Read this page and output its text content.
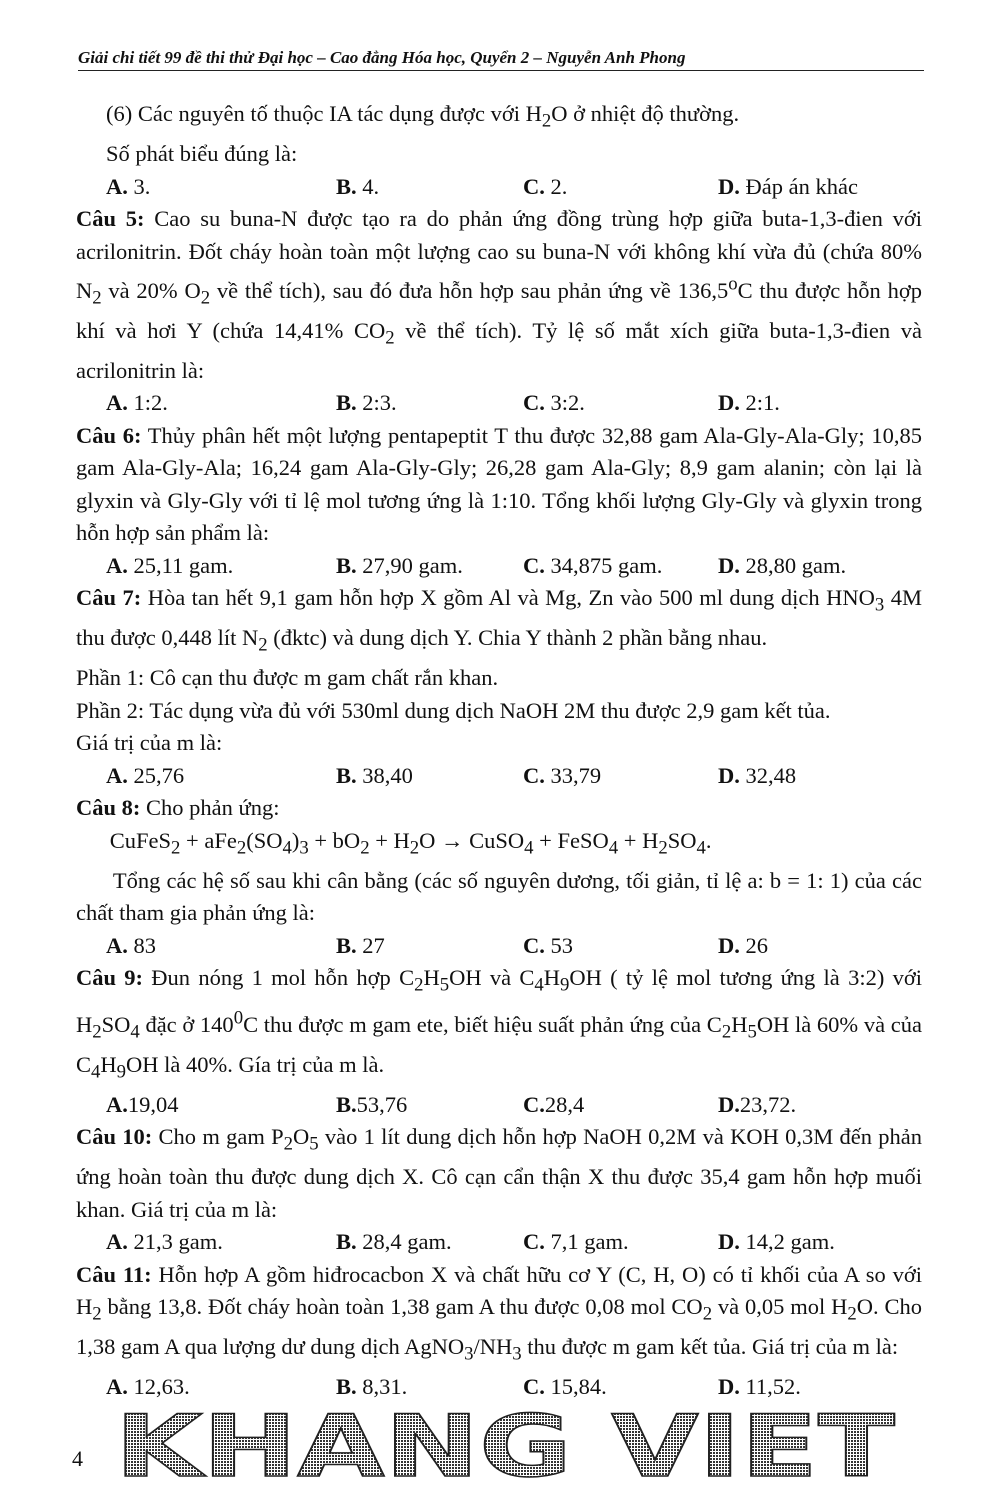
Giải chi tiết 99 đề thi thử Đại học – Cao đẳng Hóa học, Quyển 2 – Nguyễn Anh Phong
(6) Các nguyên tố thuộc IA tác dụng được với $H_2O$ ở nhiệt độ thường.
Số phát biểu đúng là:
A. 3.	B. 4.	C. 2.	D. Đáp án khác
Câu 5: Cao su buna-N được tạo ra do phản ứng đồng trùng hợp giữa buta-1,3-đien với acrilonitrin. Đốt cháy hoàn toàn một lượng cao su buna-N với không khí vừa đủ (chứa 80% $N_2$ và 20% $O_2$ về thể tích), sau đó đưa hỗn hợp sau phản ứng về 136,5$^o$C thu được hỗn hợp khí và hơi Y (chứa 14,41% $CO_2$ về thể tích). Tỷ lệ số mắt xích giữa buta-1,3-đien và acrilonitrin là:
A. 1:2.	B. 2:3.	C. 3:2.	D. 2:1.
Câu 6: Thủy phân hết một lượng pentapeptit T thu được 32,88 gam Ala-Gly-Ala-Gly; 10,85 gam Ala-Gly-Ala; 16,24 gam Ala-Gly-Gly; 26,28 gam Ala-Gly; 8,9 gam alanin; còn lại là glyxin và Gly-Gly với tỉ lệ mol tương ứng là 1:10. Tổng khối lượng Gly-Gly và glyxin trong hỗn hợp sản phẩm là:
A. 25,11 gam.	B. 27,90 gam.	C. 34,875 gam. D. 28,80 gam.
Câu 7: Hòa tan hết 9,1 gam hỗn hợp X gồm Al và Mg, Zn vào 500 ml dung dịch $HNO_3$ 4M thu được 0,448 lít $N_2$ (đktc) và dung dịch Y. Chia Y thành 2 phần bằng nhau.
Phần 1: Cô cạn thu được m gam chất rắn khan.
Phần 2: Tác dụng vừa đủ với 530ml dung dịch NaOH 2M thu được 2,9 gam kết tủa.
Giá trị của m là:
A. 25,76	B. 38,40	C. 33,79	D. 32,48
Câu 8: Cho phản ứng:
CuFeS$_2$ + $aFe_2(SO_4)_3 + bO_2 + H_2O$ → CuSO$_4$ + FeSO$_4$ + $H_2SO_4$.
Tổng các hệ số sau khi cân bằng (các số nguyên dương, tối giản, tỉ lệ a: b = 1: 1) của các chất tham gia phản ứng là:
A. 83	B. 27	C. 53	D. 26
Câu 9: Đun nóng 1 mol hỗn hợp $C_2H_5OH$ và $C_4H_9OH$ ( tỷ lệ mol tương ứng là 3:2) với $H_2SO_4$ đặc ở $140^0C$ thu được m gam ete, biết hiệu suất phản ứng của $C_2H_5OH$ là 60% và của $C_4H_9OH$ là 40%. Gía trị của m là.
A.19,04	B.53,76	C.28,4	D.23,72.
Câu 10: Cho m gam $P_2O_5$ vào 1 lít dung dịch hỗn hợp NaOH 0,2M và KOH 0,3M đến phản ứng hoàn toàn thu được dung dịch X. Cô cạn cẩn thận X thu được 35,4 gam hỗn hợp muối khan. Giá trị của m là:
A. 21,3 gam.	B. 28,4 gam.	C. 7,1 gam.	D. 14,2 gam.
Câu 11: Hỗn hợp A gồm hiđrocacbon X và chất hữu cơ Y (C, H, O) có tỉ khối của A so với $H_2$ bằng 13,8. Đốt cháy hoàn toàn 1,38 gam A thu được 0,08 mol $CO_2$ và 0,05 mol $H_2O$. Cho 1,38 gam A qua lượng dư dung dịch $AgNO_3/NH_3$ thu được m gam kết tủa. Giá trị của m là:
A. 12,63.	B. 8,31.	C. 15,84.	D. 11,52.
4 KHANG VIET
